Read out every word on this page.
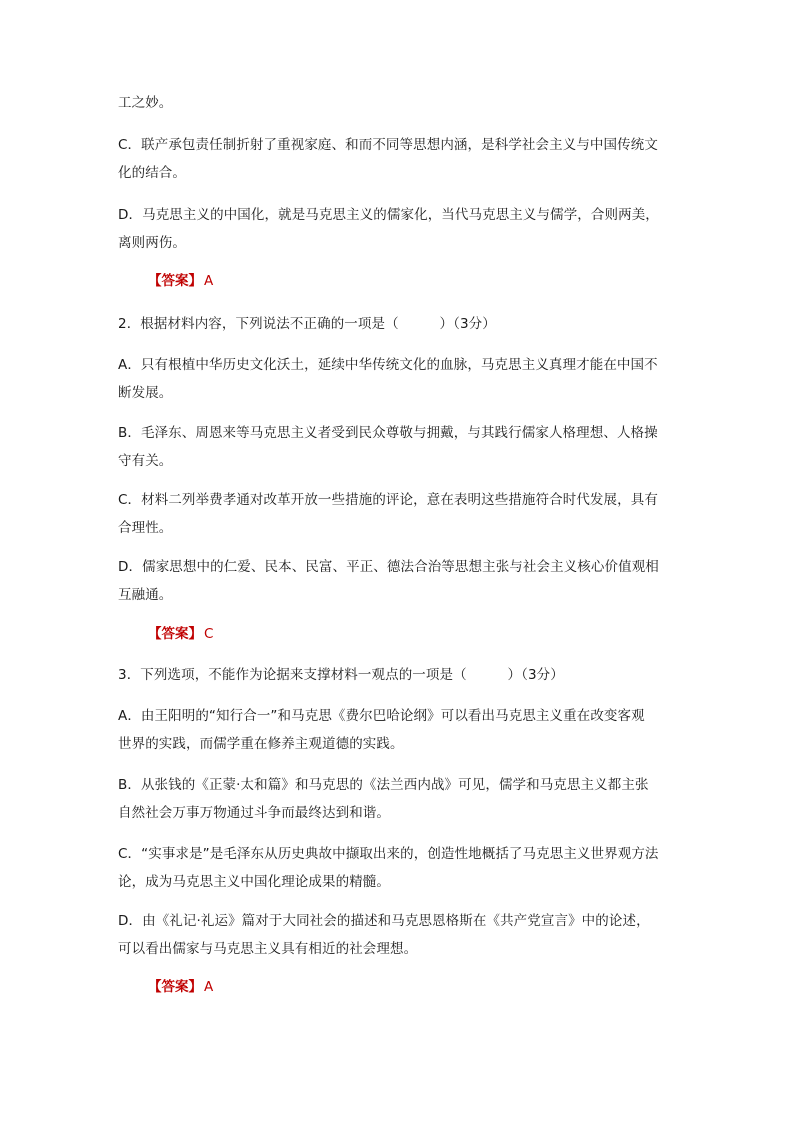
工之妙。
C．联产承包责任制折射了重视家庭、和而不同等思想内涵，是科学社会主义与中国传统文
化的结合。
D．马克思主义的中国化，就是马克思主义的儒家化，当代马克思主义与儒学，合则两美，
离则两伤。
【答案】 A
2．根据材料内容，下列说法不正确的一项是（　　　）（3分）
A．只有根植中华历史文化沃土，延续中华传统文化的血脉，马克思主义真理才能在中国不
断发展。
B．毛泽东、周恩来等马克思主义者受到民众尊敬与拥戴，与其践行儒家人格理想、人格操
守有关。
C．材料二列举费孝通对改革开放一些措施的评论，意在表明这些措施符合时代发展，具有
合理性。
D．儒家思想中的仁爱、民本、民富、平正、德法合治等思想主张与社会主义核心价值观相
互融通。
【答案】 C
3．下列选项，不能作为论据来支撑材料一观点的一项是（　　　）（3分）
A．由王阳明的“知行合一”和马克思《费尔巴哈论纲》可以看出马克思主义重在改变客观
世界的实践，而儒学重在修养主观道德的实践。
B．从张钱的《正蒙·太和篇》和马克思的《法兰西内战》可见，儒学和马克思主义都主张
自然社会万事万物通过斗争而最终达到和谐。
C．“实事求是”是毛泽东从历史典故中撷取出来的，创造性地概括了马克思主义世界观方法
论，成为马克思主义中国化理论成果的精髓。
D．由《礼记·礼运》篇对于大同社会的描述和马克思恩格斯在《共产党宣言》中的论述，
可以看出儒家与马克思主义具有相近的社会理想。
【答案】 A
